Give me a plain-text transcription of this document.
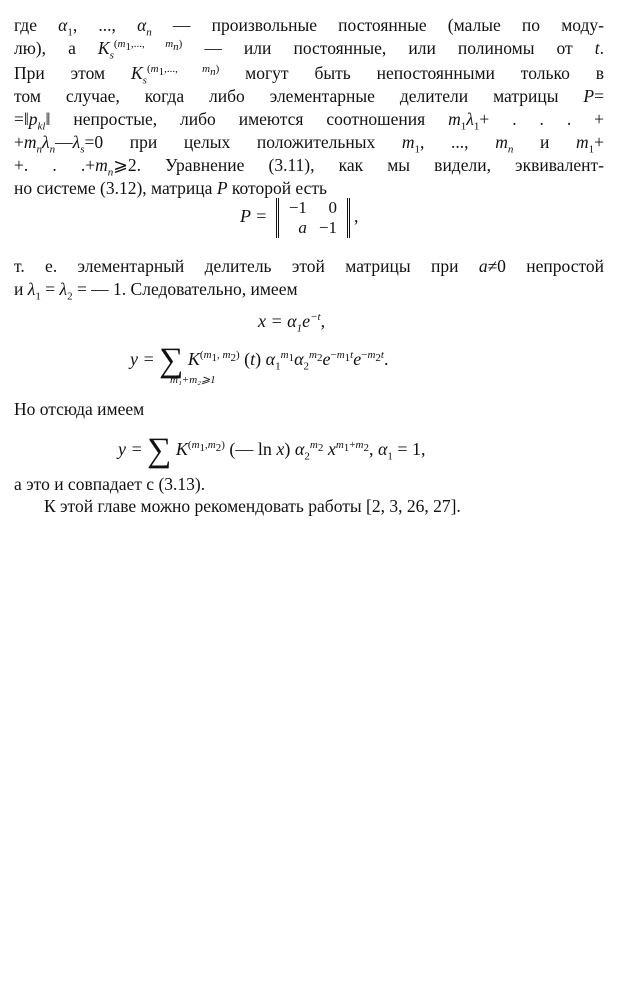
где $\alpha_1$, ..., $\alpha_n$ — произвольные постоянные (малые по моду-
лю), а $K_s^{(m_1,..., m_n)}$ — или постоянные, или полиномы от t.
При этом $K_s^{(m_1,..., m_n)}$ могут быть непостоянными только в
том случае, когда либо элементарные делители матрицы P=
$=‖p_{kl}‖$ непростые, либо имеются соотношения $m_1\lambda_1+$ . . . +
$+m_n\lambda_n—\lambda_s=0$ при целых положительных $m_1$, ..., $m_n$ и $m_1+$
+. . $.+m_n⩾2$. Уравнение (3.11), как мы видели, эквивалент-
но системе (3.12), матрица P которой есть
P = −1	0
a	−1,
т. е. элементарный делитель этой матрицы при a≠0 непростой
и $\lambda_1 = \lambda_2$ = — 1. Следовательно, имеем
$x = \alpha_1e^{-t}$,
y = ∑ $K^{(m_1, m_2)}$ (t) $\alpha_1^{m_1}\alpha_2^{m_2}e^{-m_1t}e^{-m_2t}$.
m₁+m₂⩾1
Но отсюда имеем
y = ∑ $K^{(m_1,m_2)}$ (— ln x) $\alpha_2^{m_2}$ $x^{m_1+m_2}$, $\alpha_1 = 1$,
а это и совпадает с (3.13).
К этой главе можно рекомендовать работы [2, 3, 26, 27].
